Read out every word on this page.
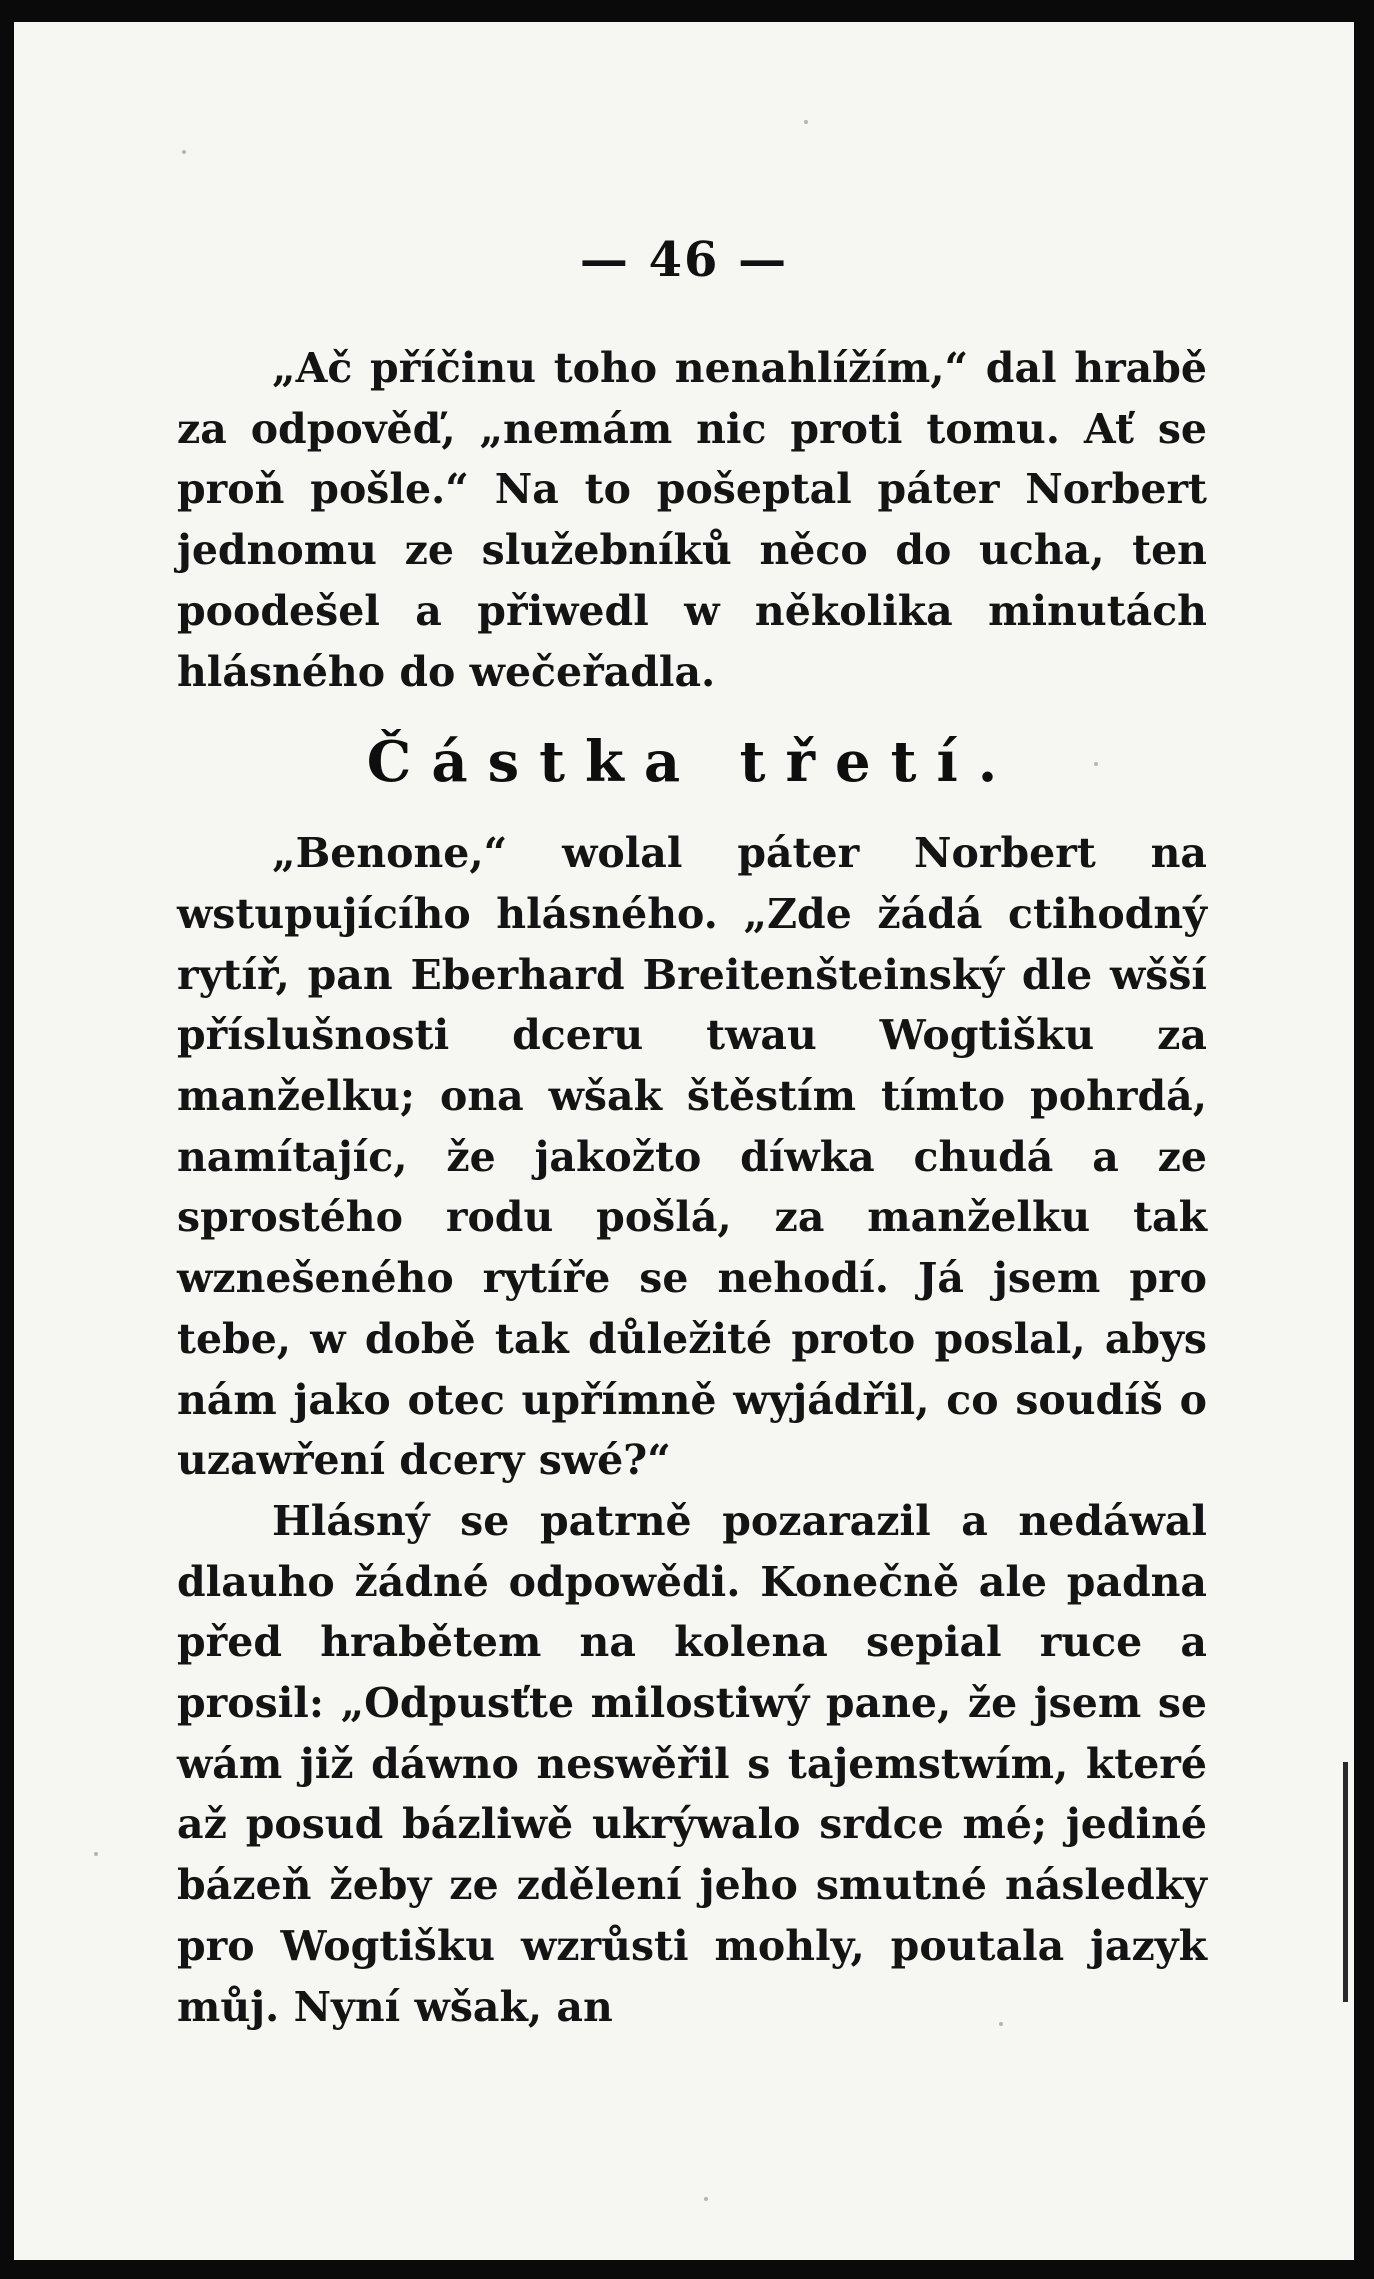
— 46 —

„Ač příčinu toho nenahlížím,“ dal hrabě za odpověď, „nemám nic proti tomu. Ať se proň pošle.“ Na to pošeptal páter Norbert jednomu ze služebníků něco do ucha, ten poodešel a přiwedl w několika minutách hlásného do wečeřadla.

Částka třetí.

„Benone,“ wolal páter Norbert na wstupujícího hlásného. „Zde žádá ctihodný rytíř, pan Eberhard Breitenšteinský dle wšší příslušnosti dceru twau Wogtišku za manželku; ona wšak štěstím tímto pohrdá, namítajíc, že jakožto díwka chudá a ze sprostého rodu pošlá, za manželku tak wznešeného rytíře se nehodí. Já jsem pro tebe, w době tak důležité proto poslal, abys nám jako otec upřímně wyjádřil, co soudíš o uzawření dcery swé?“

Hlásný se patrně pozarazil a nedáwal dlauho žádné odpowědi. Konečně ale padna před hrabětem na kolena sepial ruce a prosil: „Odpusťte milostiwý pane, že jsem se wám již dáwno neswěřil s tajemstwím, které až posud bázliwě ukrýwalo srdce mé; jediné bázeň žeby ze zdělení jeho smutné následky pro Wogtišku wzrůsti mohly, poutala jazyk můj. Nyní wšak, an
